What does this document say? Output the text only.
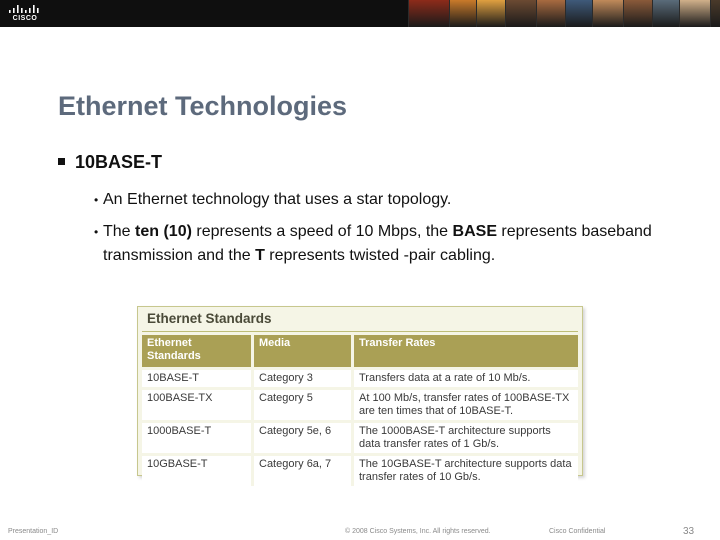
CISCO
Ethernet Technologies
10BASE-T
• An Ethernet technology that uses a star topology.
• The ten (10) represents a speed of 10 Mbps, the BASE represents baseband transmission and the T represents twisted -pair cabling.
Ethernet Standards
Ethernet Standards	Media	Transfer Rates
10BASE-T	Category 3	Transfers data at a rate of 10 Mb/s.
100BASE-TX	Category 5	At 100 Mb/s, transfer rates of 100BASE-TX are ten times that of 10BASE-T.
1000BASE-T	Category 5e, 6	The 1000BASE-T architecture supports data transfer rates of 1 Gb/s.
10GBASE-T	Category 6a, 7	The 10GBASE-T architecture supports data transfer rates of 10 Gb/s.
Presentation_ID	© 2008 Cisco Systems, Inc. All rights reserved.	Cisco Confidential	33
